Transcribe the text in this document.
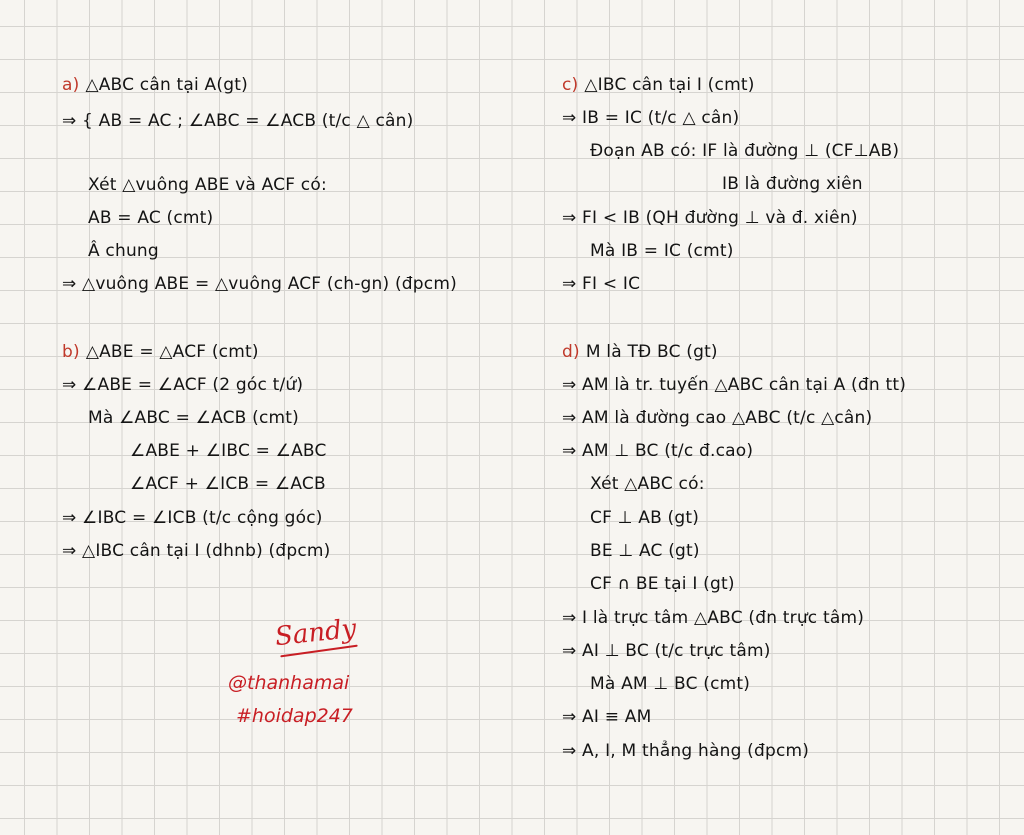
a) △ABC cân tại A(gt)
⇒ { AB = AC ; ∠ABC = ∠ACB (t/c △ cân)
Xét △vuông ABE và ACF có:
AB = AC (cmt)
Â chung
⇒ △vuông ABE = △vuông ACF (ch-gn) (đpcm)
b) △ABE = △ACF (cmt)
⇒ ∠ABE = ∠ACF (2 góc t/ứ)
Mà ∠ABC = ∠ACB (cmt)
∠ABE + ∠IBC = ∠ABC
∠ACF + ∠ICB = ∠ACB
⇒ ∠IBC = ∠ICB (t/c cộng góc)
⇒ △IBC cân tại I (dhnb) (đpcm)
Sandy
@thanhamai
#hoidap247
c) △IBC cân tại I (cmt)
⇒ IB = IC (t/c △ cân)
Đoạn AB có: IF là đường ⊥ (CF⊥AB)
IB là đường xiên
⇒ FI < IB (QH đường ⊥ và đ. xiên)
Mà IB = IC (cmt)
⇒ FI < IC
d) M là TĐ BC (gt)
⇒ AM là tr. tuyến △ABC cân tại A (đn tt)
⇒ AM là đường cao △ABC (t/c △cân)
⇒ AM ⊥ BC (t/c đ.cao)
Xét △ABC có:
CF ⊥ AB (gt)
BE ⊥ AC (gt)
CF ∩ BE tại I (gt)
⇒ I là trực tâm △ABC (đn trực tâm)
⇒ AI ⊥ BC (t/c trực tâm)
Mà AM ⊥ BC (cmt)
⇒ AI ≡ AM
⇒ A, I, M thẳng hàng (đpcm)
